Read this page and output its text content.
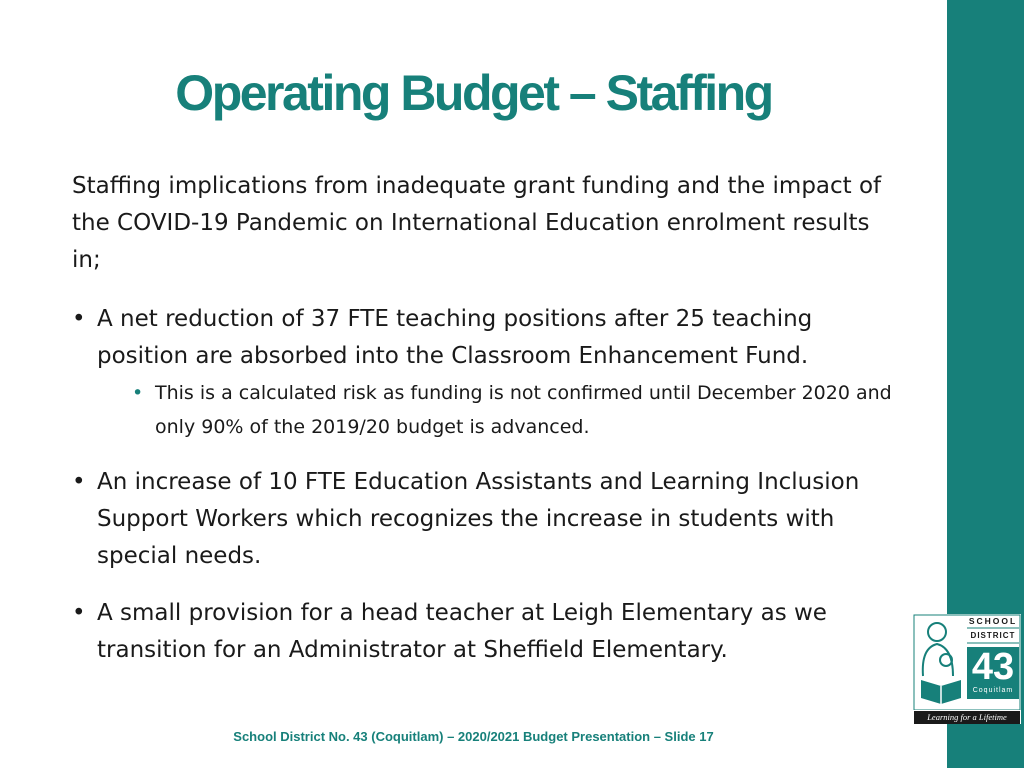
Operating Budget – Staffing

Staffing implications from inadequate grant funding and the impact of the COVID-19 Pandemic on International Education enrolment results in;

• A net reduction of 37 FTE teaching positions after 25 teaching position are absorbed into the Classroom Enhancement Fund.
• This is a calculated risk as funding is not confirmed until December 2020 and only 90% of the 2019/20 budget is advanced.
• An increase of 10 FTE Education Assistants and Learning Inclusion Support Workers which recognizes the increase in students with special needs.
• A small provision for a head teacher at Leigh Elementary as we transition for an Administrator at Sheffield Elementary.
School District No. 43 (Coquitlam) – 2020/2021 Budget Presentation – Slide 17
SCHOOL
DISTRICT
43
Coquitlam
Learning for a Lifetime
